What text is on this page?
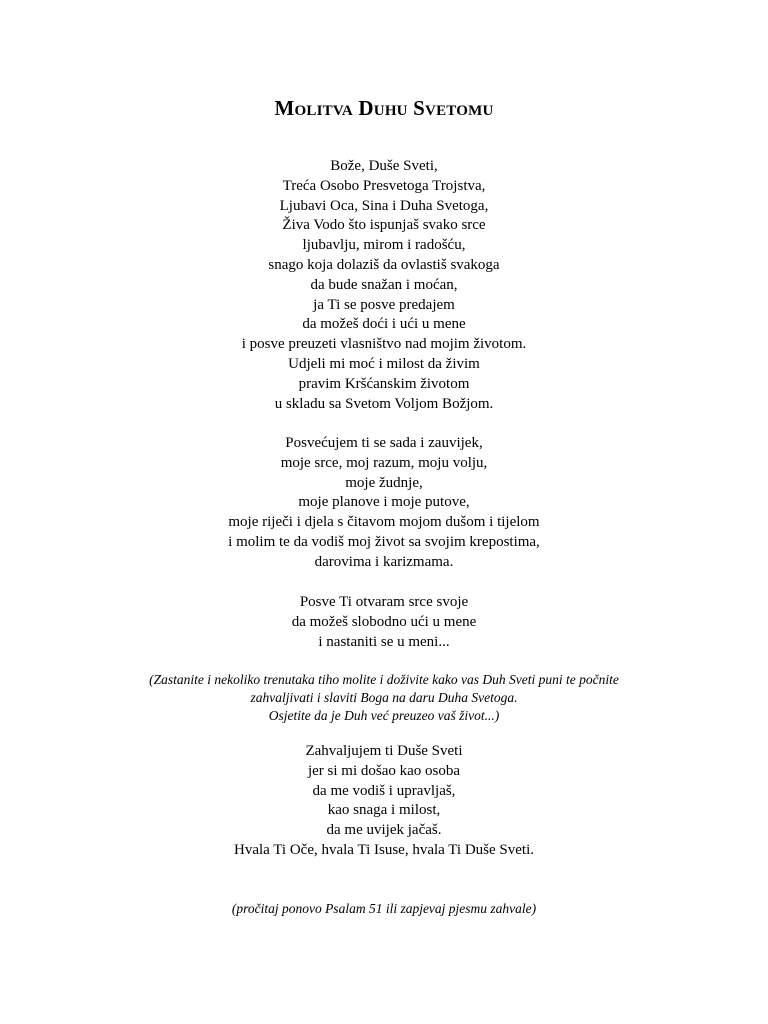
Molitva Duhu Svetomu
Bože, Duše Sveti,
Treća Osobo Presvetoga Trojstva,
Ljubavi Oca, Sina i Duha Svetoga,
Živa Vodo što ispunjaš svako srce
ljubavlju, mirom i radošću,
snago koja dolaziš da ovlastiš svakoga
da bude snažan i moćan,
ja Ti se posve predajem
da možeš doći i ući u mene
i posve preuzeti vlasništvo nad mojim životom.
Udjeli mi moć i milost da živim
pravim Kršćanskim životom
u skladu sa Svetom Voljom Božjom.
Posvećujem ti se sada i zauvijek,
moje srce, moj razum, moju volju,
moje žudnje,
moje planove i moje putove,
moje riječi i djela s čitavom mojom dušom i tijelom
i molim te da vodiš moj život sa svojim krepostima,
darovima i karizmama.
Posve Ti otvaram srce svoje
da možeš slobodno ući u mene
i nastaniti se u meni...
(Zastanite i nekoliko trenutaka tiho molite i doživite kako vas Duh Sveti puni te počnite
zahvaljivati i slaviti Boga na daru Duha Svetoga.
Osjetite da je Duh već preuzeo vaš život...)
Zahvaljujem ti Duše Sveti
jer si mi došao kao osoba
da me vodiš i upravljaš,
kao snaga i milost,
da me uvijek jačaš.
Hvala Ti Oče, hvala Ti Isuse, hvala Ti Duše Sveti.
(pročitaj ponovo Psalam 51 ili zapjevaj pjesmu zahvale)
